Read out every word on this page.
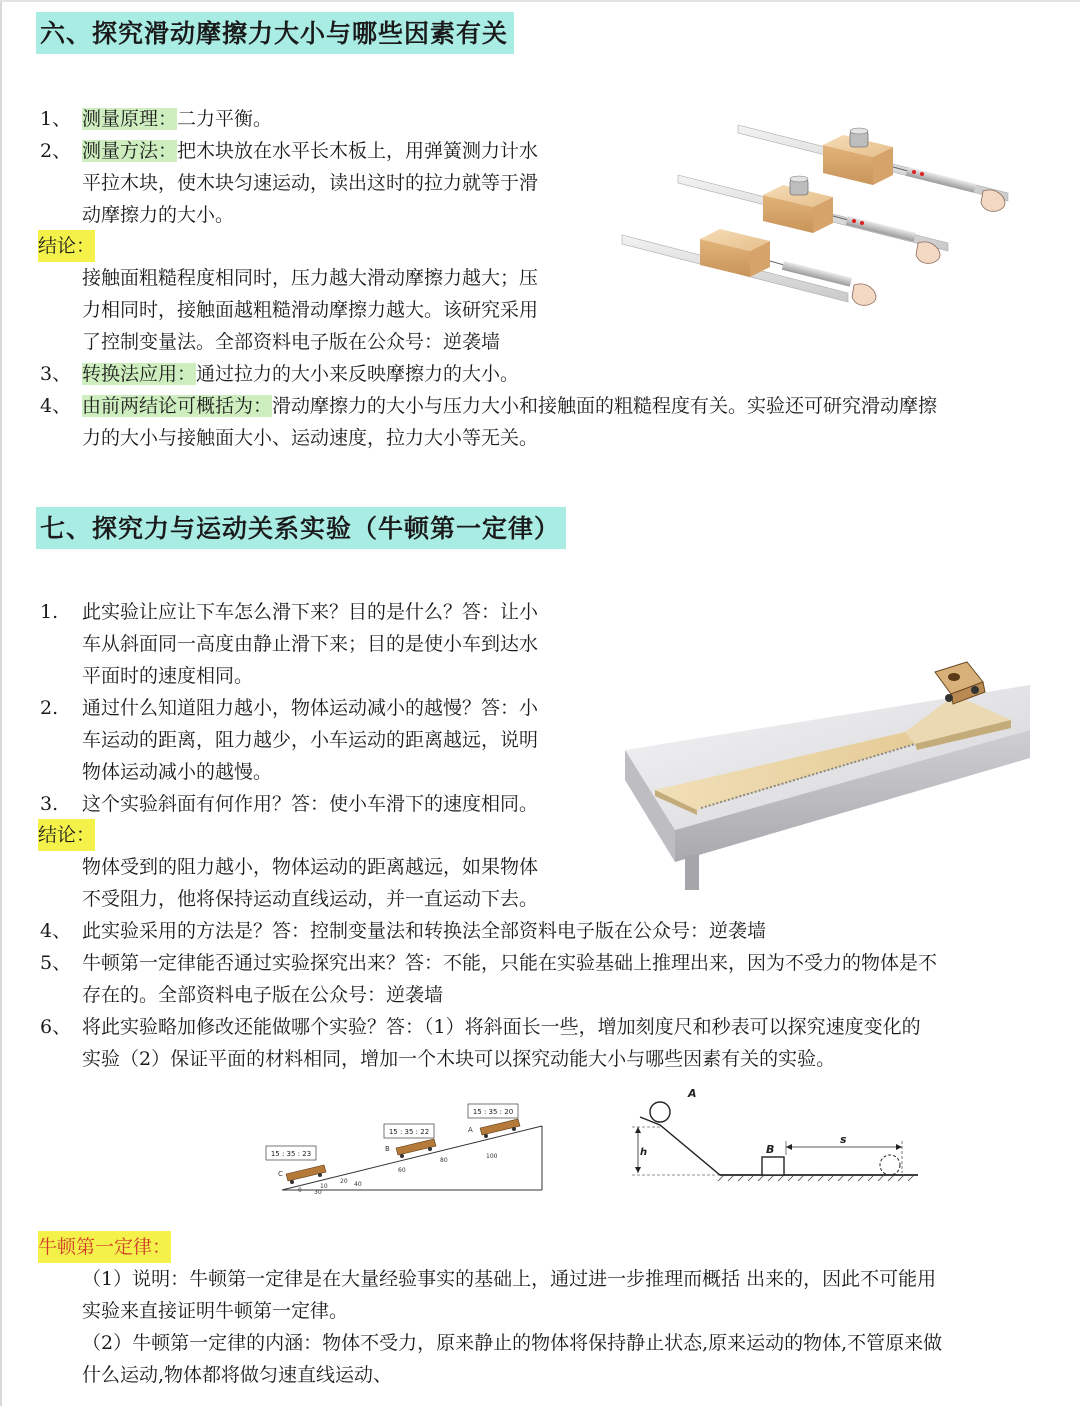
六、探究滑动摩擦力大小与哪些因素有关
1、 测量原理：二力平衡。
2、 测量方法：把木块放在水平长木板上，用弹簧测力计水
平拉木块，使木块匀速运动，读出这时的拉力就等于滑
动摩擦力的大小。
结论：
接触面粗糙程度相同时，压力越大滑动摩擦力越大；压
力相同时，接触面越粗糙滑动摩擦力越大。该研究采用
了控制变量法。全部资料电子版在公众号：逆袭墙
3、 转换法应用：通过拉力的大小来反映摩擦力的大小。
4、 由前两结论可概括为：滑动摩擦力的大小与压力大小和接触面的粗糙程度有关。实验还可研究滑动摩擦
力的大小与接触面大小、运动速度，拉力大小等无关。
七、探究力与运动关系实验（牛顿第一定律）
1. 此实验让应让下车怎么滑下来？目的是什么？答：让小
车从斜面同一高度由静止滑下来；目的是使小车到达水
平面时的速度相同。
2. 通过什么知道阻力越小，物体运动减小的越慢？答：小
车运动的距离，阻力越少，小车运动的距离越远，说明
物体运动减小的越慢。
3. 这个实验斜面有何作用？答：使小车滑下的速度相同。
结论：
物体受到的阻力越小，物体运动的距离越远，如果物体
不受阻力，他将保持运动直线运动，并一直运动下去。
4、 此实验采用的方法是？答：控制变量法和转换法全部资料电子版在公众号：逆袭墙
5、 牛顿第一定律能否通过实验探究出来？答：不能，只能在实验基础上推理出来，因为不受力的物体是不
存在的。全部资料电子版在公众号：逆袭墙
6、 将此实验略加修改还能做哪个实验？答：（1）将斜面长一些，增加刻度尺和秒表可以探究速度变化的
实验（2）保证平面的材料相同，增加一个木块可以探究动能大小与哪些因素有关的实验。
15 : 35 : 23
15 : 35 : 22
15 : 35 : 20
C
B
A
0
10
20
30
40
60
80
100
A
h	B
s
牛顿第一定律：
（1）说明：牛顿第一定律是在大量经验事实的基础上，通过进一步推理而概括 出来的，因此不可能用
实验来直接证明牛顿第一定律。
（2）牛顿第一定律的内涵：物体不受力，原来静止的物体将保持静止状态,原来运动的物体,不管原来做
什么运动,物体都将做匀速直线运动、
